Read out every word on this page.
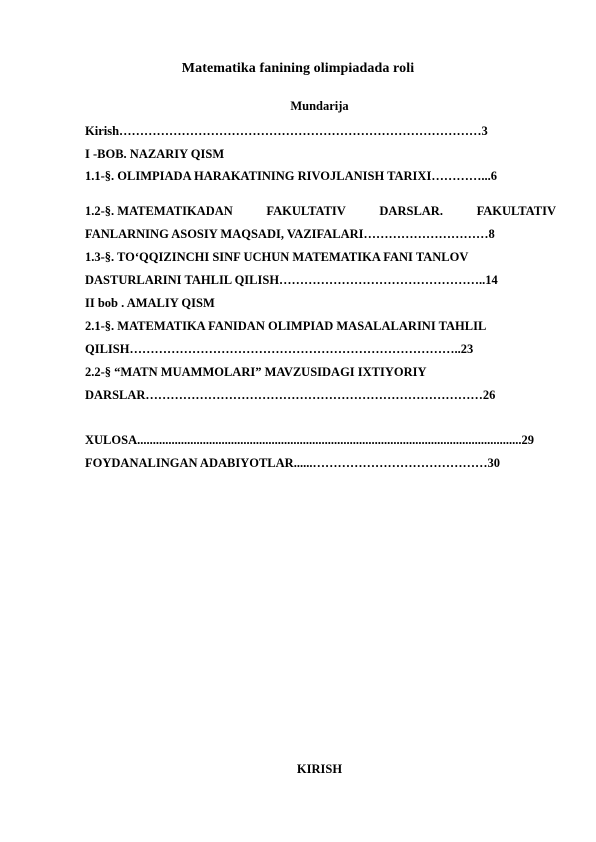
Matematika fanining olimpiadada roli
Mundarija
Kirish……………………………………………………………………………3
I -BOB. NAZARIY QISM
1.1-§. OLIMPIADA HARAKATINING RIVOJLANISH TARIXI…………...6
1.2-§. MATEMATIKADAN	FAKULTATIV	DARSLAR.	FAKULTATIV
FANLARNING ASOSIY MAQSADI, VAZIFALARI…………………………8
1.3-§. TO‘QQIZINCHI SINF UCHUN MATEMATIKA FANI TANLOV
DASTURLARINI TAHLIL QILISH…………………………………………..14
II bob . AMALIY QISM
2.1-§. MATEMATIKA FANIDAN OLIMPIAD MASALALARINI TAHLIL
QILISH……………………………………………………………………..23
2.2-§ “MATN MUAMMOLARI” MAVZUSIDAGI IXTIYORIY
DARSLAR………………………………………………………………………26
XULOSA...........................................................................................................................29
FOYDANALINGAN ADABIYOTLAR......……………………………………30
KIRISH
